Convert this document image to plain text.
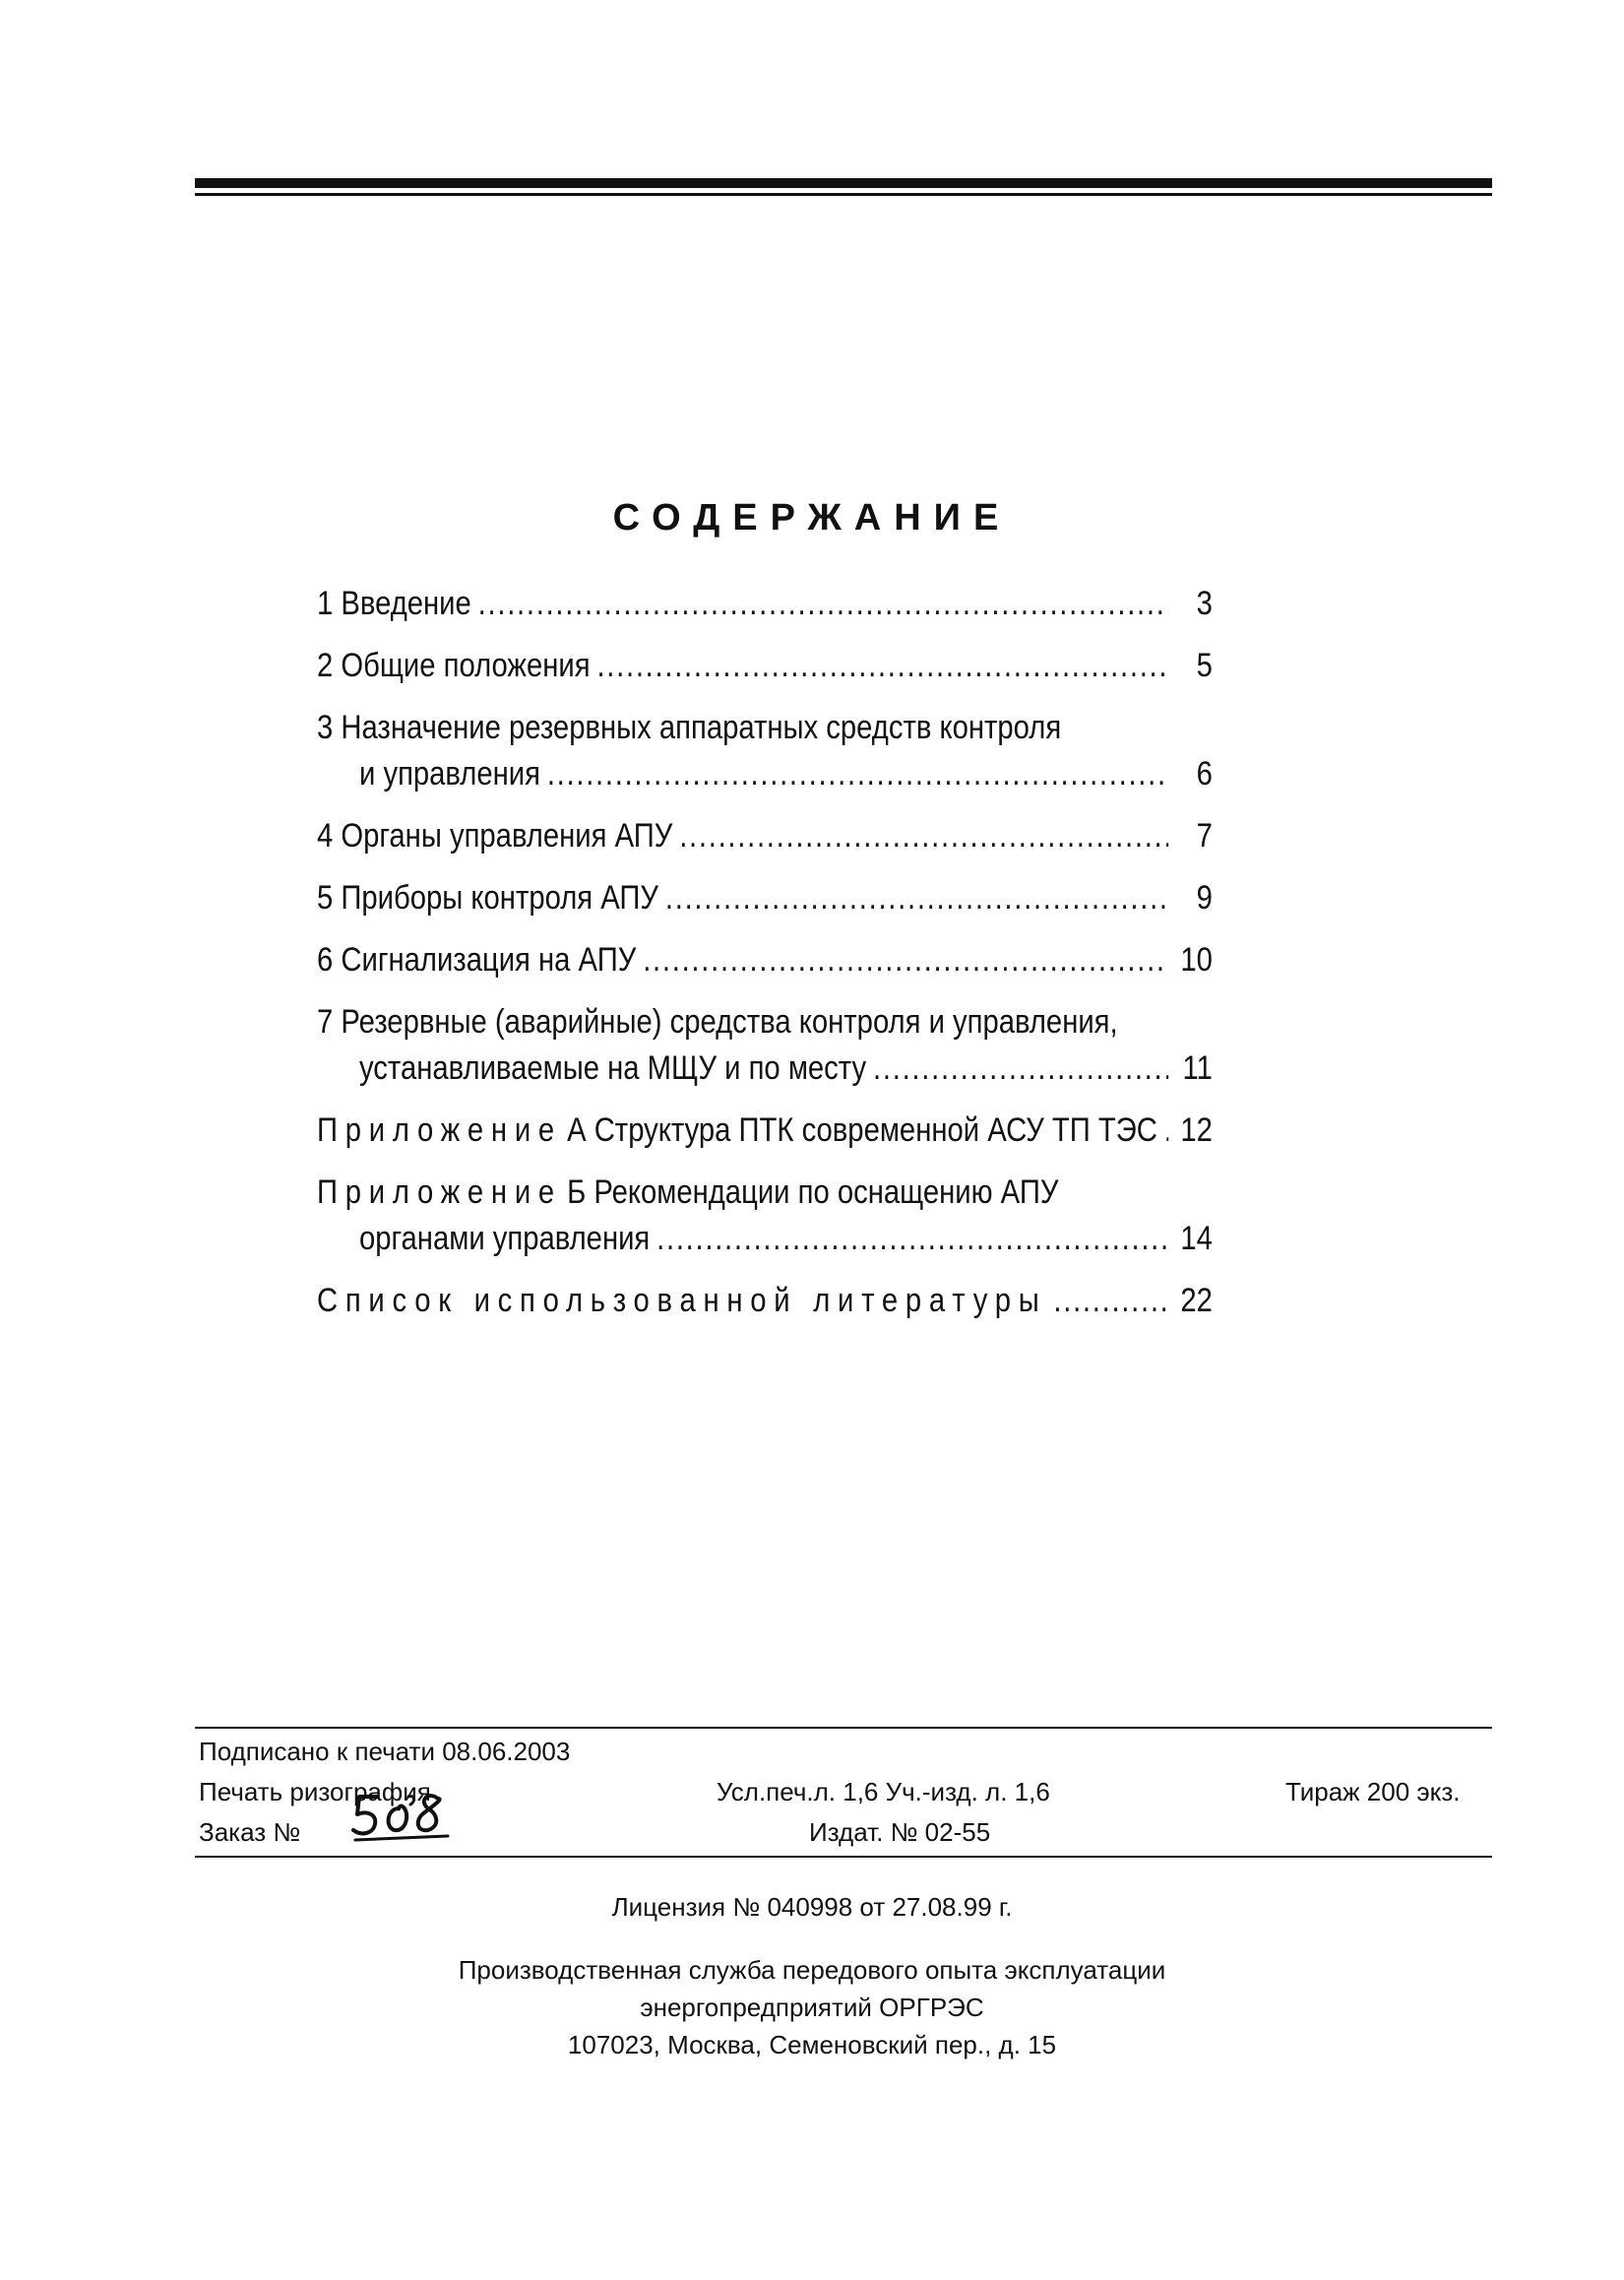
СОДЕРЖАНИЕ
1 Введение .....	3
2 Общие положения .....	5
3 Назначение резервных аппаратных средств контроля
и управления .....	6
4 Органы управления АПУ .....	7
5 Приборы контроля АПУ .....	9
6 Сигнализация на АПУ .....	10
7 Резервные (аварийные) средства контроля и управления,
устанавливаемые на МЩУ и по месту .....	11
Приложение А Структура ПТК современной АСУ ТП ТЭС ..... 12
Приложение Б Рекомендации по оснащению АПУ
органами управления .....	14
Список использованной литературы .....	22
Подписано к печати 08.06.2003
Печать ризография	Усл.печ.л. 1,6 Уч.-изд. л. 1,6	Тираж 200 экз.
Заказ №	Издат. № 02-55
Лицензия № 040998 от 27.08.99 г.
Производственная служба передового опыта эксплуатации
энергопредприятий ОРГРЭС
107023, Москва, Семеновский пер., д. 15
